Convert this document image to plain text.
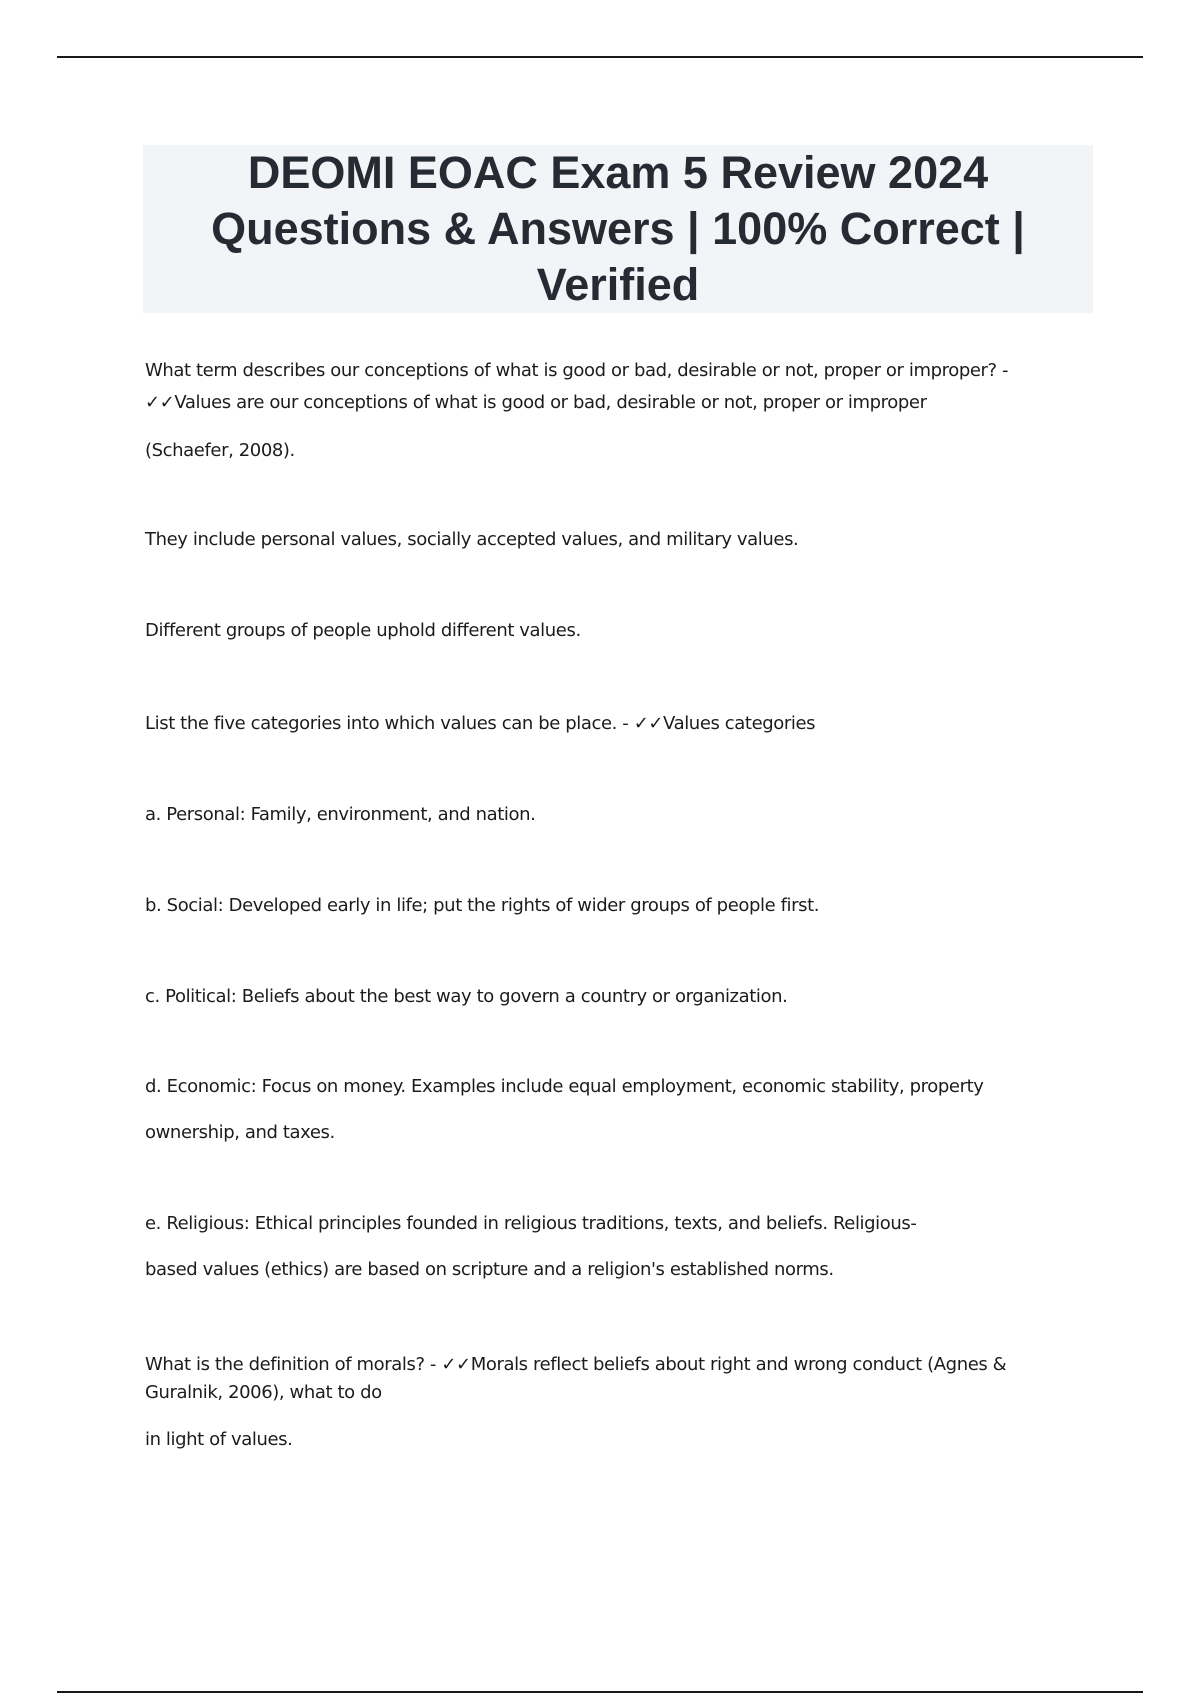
DEOMI EOAC Exam 5 Review 2024 Questions & Answers | 100% Correct | Verified

What term describes our conceptions of what is good or bad, desirable or not, proper or improper? -
✓✓Values are our conceptions of what is good or bad, desirable or not, proper or improper

(Schaefer, 2008).

They include personal values, socially accepted values, and military values.

Different groups of people uphold different values.

List the five categories into which values can be place. - ✓✓Values categories

a. Personal: Family, environment, and nation.

b. Social: Developed early in life; put the rights of wider groups of people first.

c. Political: Beliefs about the best way to govern a country or organization.

d. Economic: Focus on money. Examples include equal employment, economic stability, property
ownership, and taxes.

e. Religious: Ethical principles founded in religious traditions, texts, and beliefs. Religious-
based values (ethics) are based on scripture and a religion's established norms.

What is the definition of morals? - ✓✓Morals reflect beliefs about right and wrong conduct (Agnes &
Guralnik, 2006), what to do

in light of values.
